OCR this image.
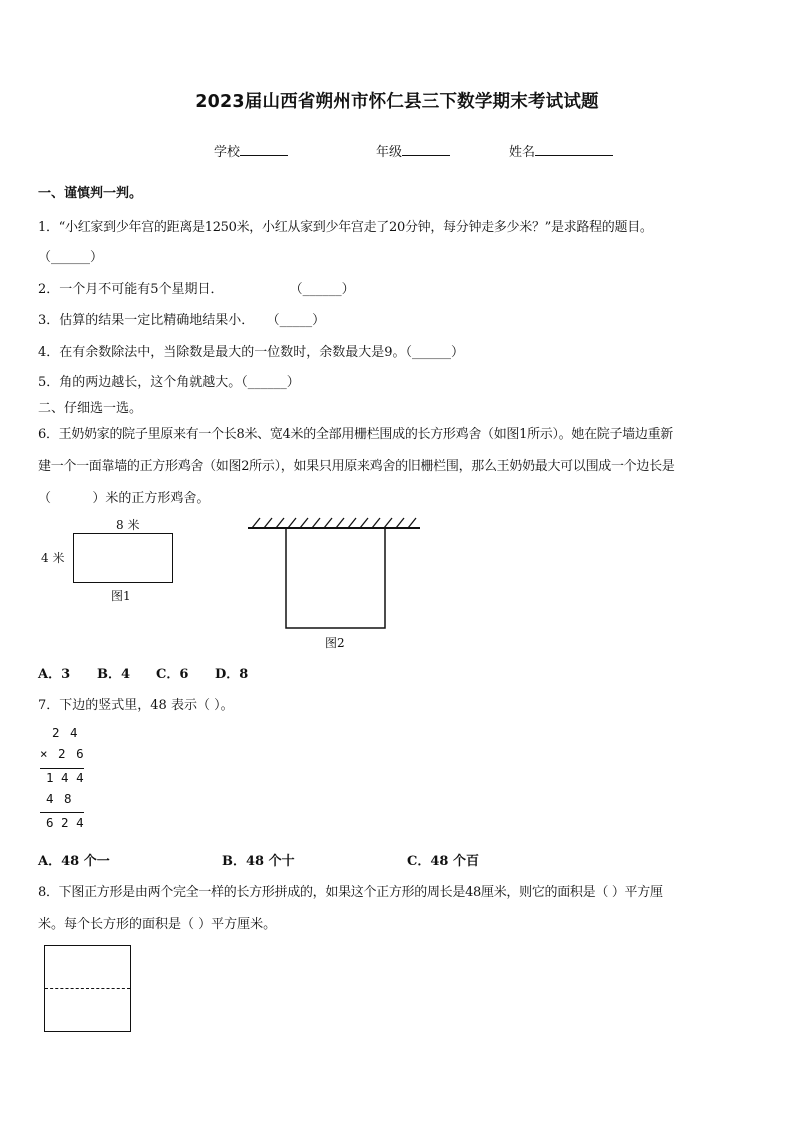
2023届山西省朔州市怀仁县三下数学期末考试试题
学校	年级	姓名
一、谨慎判一判。
1．“小红家到少年宫的距离是1250米，小红从家到少年宫走了20分钟，每分钟走多少米？”是求路程的题目。
（______）
2．一个月不可能有5个星期日．                （______）
3．估算的结果一定比精确地结果小．   （_____）
4．在有余数除法中，当除数是最大的一位数时，余数最大是9。（______）
5．角的两边越长，这个角就越大。（______）
二、仔细选一选。
6．王奶奶家的院子里原来有一个长8米、宽4米的全部用栅栏围成的长方形鸡舍（如图1所示）。她在院子墙边重新
建一个一面靠墙的正方形鸡舍（如图2所示），如果只用原来鸡舍的旧栅栏围，那么王奶奶最大可以围成一个边长是
（          ）米的正方形鸡舍。
8 米
4 米
图1
图2
A．3 B．4 C．6 D．8
7．下边的竖式里，48 表示（ ）。
2 4
× 2 6
1 4 4
4 8
6 2 4
A．48 个一	B．48 个十	C．48 个百
8．下图正方形是由两个完全一样的长方形拼成的，如果这个正方形的周长是48厘米，则它的面积是（ ）平方厘
米。每个长方形的面积是（ ）平方厘米。
